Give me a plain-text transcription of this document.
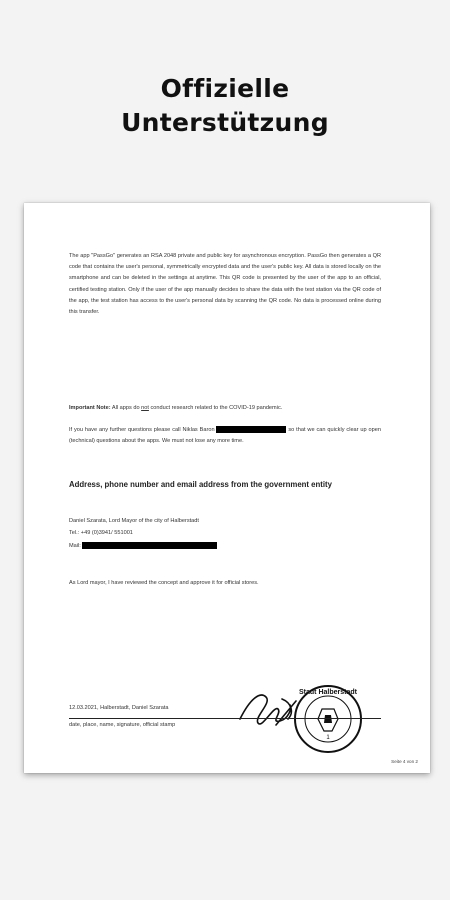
Offizielle
Unterstützung
The app "PassGo" generates an RSA 2048 private and public key for asynchronous encryption. PassGo then generates a QR code that contains the user's personal, symmetrically encrypted data and the user's public key. All data is stored locally on the smartphone and can be deleted in the settings at anytime. This QR code is presented by the user of the app to an official, certified testing station. Only if the user of the app manually decides to share the data with the test station via the QR code of the app, the test station has access to the user's personal data by scanning the QR code. No data is processed online during this transfer.
Important Note: All apps do not conduct research related to the COVID-19 pandemic.
If you have any further questions please call Niklas Baron	so that we can quickly clear up open (technical) questions about the apps. We must not lose any more time.
Address, phone number and email address from the government entity
Daniel Szarata, Lord Mayor of the city of Halberstadt
Tel.: +49 (0)3941/ 551001
Mail:
As Lord mayor, I have reviewed the concept and approve it for official stores.
Stadt Halberstadt
1
12.03.2021, Halberstadt, Daniel Szarata
date, place, name, signature, official stamp
Seite 4 von 2
